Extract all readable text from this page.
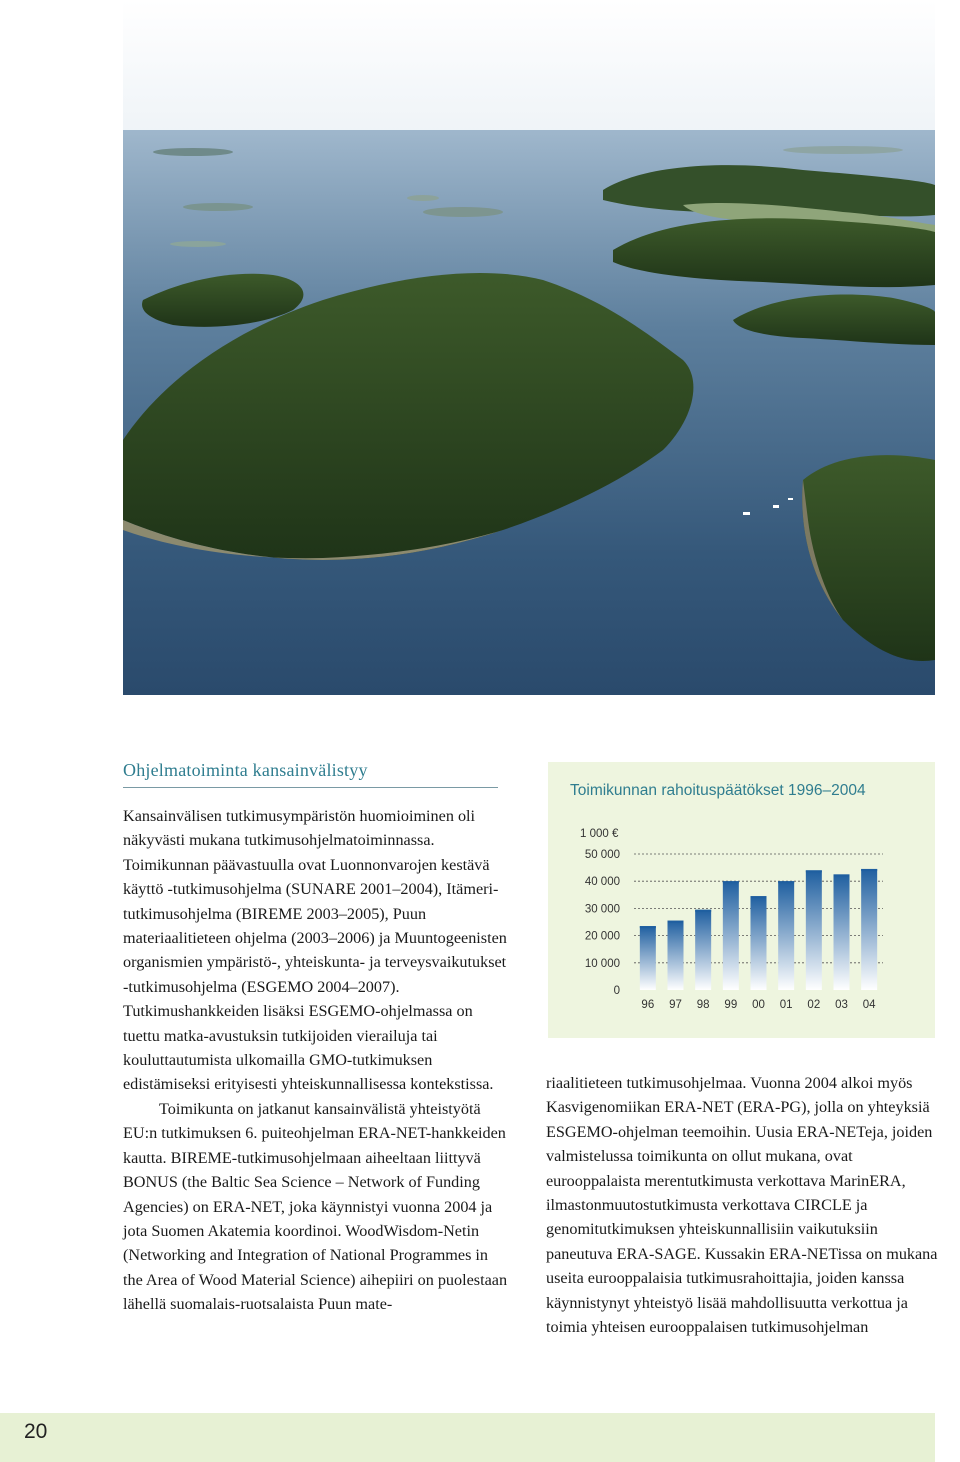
Ohjelmatoiminta kansainvälistyy

Kansainvälisen tutkimusympäristön huomioiminen oli näkyvästi mukana tutkimusohjelmatoiminnassa. Toimikunnan päävastuulla ovat Luonnonvarojen kestävä käyttö -tutkimusohjelma (SUNARE 2001–2004), Itämeri-tutkimusohjelma (BIREME 2003–2005), Puun materiaalitieteen ohjelma (2003–2006) ja Muuntogeenisten organismien ympäristö-, yhteiskunta- ja terveysvaikutukset -tutkimusohjelma (ESGEMO 2004–2007). Tutkimushankkeiden lisäksi ESGEMO-ohjelmassa on tuettu matka-avustuksin tutkijoiden vierailuja tai kouluttautumista ulkomailla GMO-tutkimuksen edistämiseksi erityisesti yhteiskunnallisessa kontekstissa.

Toimikunta on jatkanut kansainvälistä yhteistyötä EU:n tutkimuksen 6. puiteohjelman ERA-NET-hankkeiden kautta. BIREME-tutkimusohjelmaan aiheeltaan liittyvä BONUS (the Baltic Sea Science – Network of Funding Agencies) on ERA-NET, joka käynnistyi vuonna 2004 ja jota Suomen Akatemia koordinoi. WoodWisdom-Netin (Networking and Integration of National Programmes in the Area of Wood Material Science) aihepiiri on puolestaan lähellä suomalais-ruotsalaista Puun mate-

Toimikunnan rahoituspäätökset 1996–2004
1 000 €
0
10 000
20 000
30 000
40 000
50 000
96 97 98 99 00 01 02 03 04

riaalitieteen tutkimusohjelmaa. Vuonna 2004 alkoi myös Kasvigenomiikan ERA-NET (ERA-PG), jolla on yhteyksiä ESGEMO-ohjelman teemoihin. Uusia ERA-NETeja, joiden valmistelussa toimikunta on ollut mukana, ovat eurooppalaista merentutkimusta verkottava MarinERA, ilmastonmuutostutkimusta verkottava CIRCLE ja genomitutkimuksen yhteiskunnallisiin vaikutuksiin paneutuva ERA-SAGE. Kussakin ERA-NETissa on mukana useita eurooppalaisia tutkimusrahoittajia, joiden kanssa käynnistynyt yhteistyö lisää mahdollisuutta verkottua ja toimia yhteisen eurooppalaisen tutkimusohjelman

20
